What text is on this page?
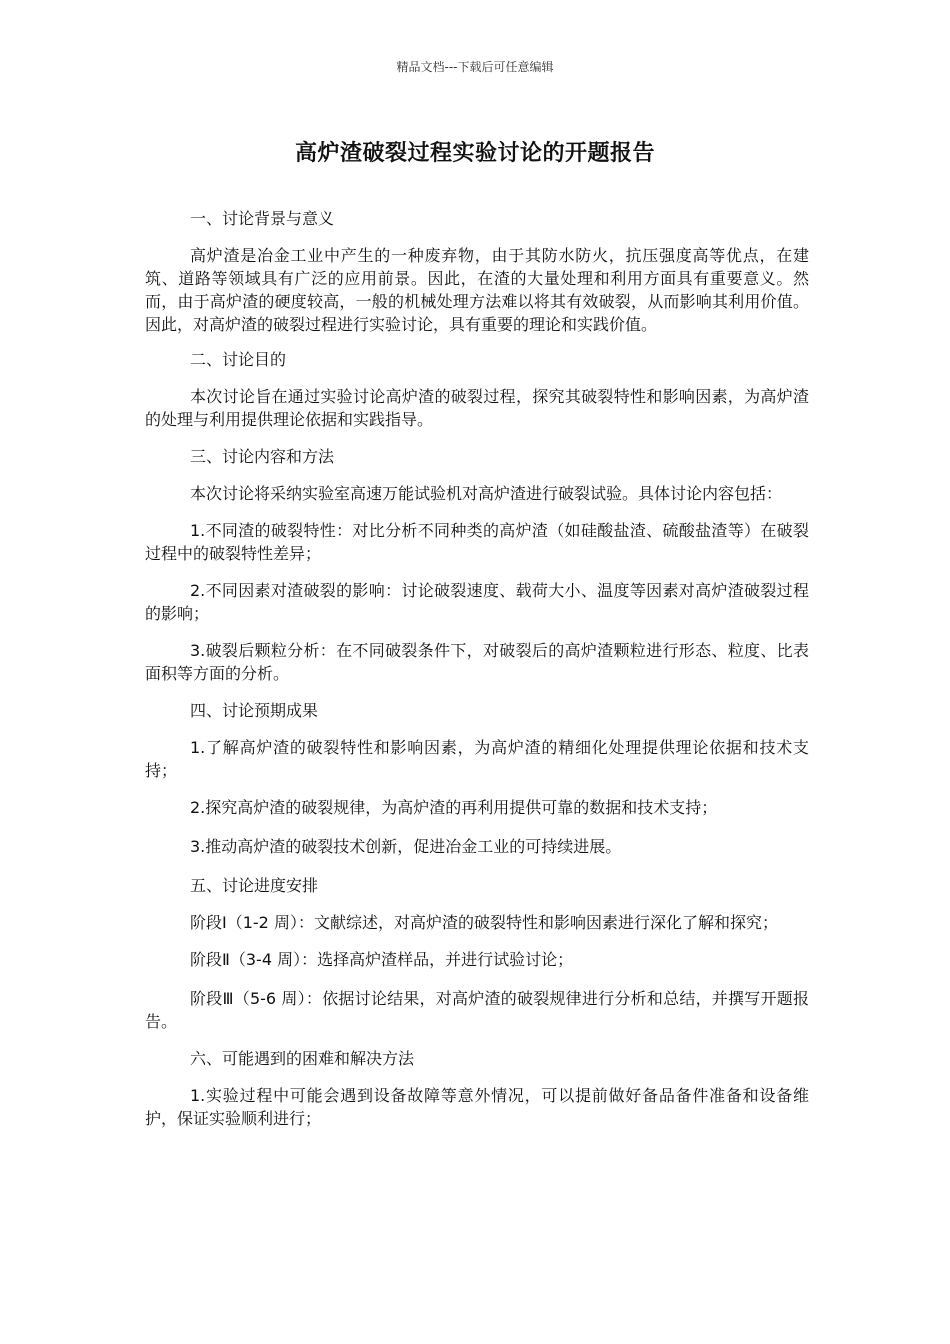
精品文档---下载后可任意编辑
高炉渣破裂过程实验讨论的开题报告

一、讨论背景与意义

高炉渣是冶金工业中产生的一种废弃物，由于其防水防火，抗压强度高等优点，在建筑、道路等领域具有广泛的应用前景。因此，在渣的大量处理和利用方面具有重要意义。然而，由于高炉渣的硬度较高，一般的机械处理方法难以将其有效破裂，从而影响其利用价值。因此，对高炉渣的破裂过程进行实验讨论，具有重要的理论和实践价值。

二、讨论目的

本次讨论旨在通过实验讨论高炉渣的破裂过程，探究其破裂特性和影响因素，为高炉渣的处理与利用提供理论依据和实践指导。

三、讨论内容和方法

本次讨论将采纳实验室高速万能试验机对高炉渣进行破裂试验。具体讨论内容包括：

1.不同渣的破裂特性：对比分析不同种类的高炉渣（如硅酸盐渣、硫酸盐渣等）在破裂过程中的破裂特性差异；

2.不同因素对渣破裂的影响：讨论破裂速度、载荷大小、温度等因素对高炉渣破裂过程的影响；

3.破裂后颗粒分析：在不同破裂条件下，对破裂后的高炉渣颗粒进行形态、粒度、比表面积等方面的分析。

四、讨论预期成果

1.了解高炉渣的破裂特性和影响因素，为高炉渣的精细化处理提供理论依据和技术支持；

2.探究高炉渣的破裂规律，为高炉渣的再利用提供可靠的数据和技术支持；

3.推动高炉渣的破裂技术创新，促进冶金工业的可持续进展。

五、讨论进度安排

阶段Ⅰ（1-2 周）：文献综述，对高炉渣的破裂特性和影响因素进行深化了解和探究；

阶段Ⅱ（3-4 周）：选择高炉渣样品，并进行试验讨论；

阶段Ⅲ（5-6 周）：依据讨论结果，对高炉渣的破裂规律进行分析和总结，并撰写开题报告。

六、可能遇到的困难和解决方法

1.实验过程中可能会遇到设备故障等意外情况，可以提前做好备品备件准备和设备维护，保证实验顺利进行；
